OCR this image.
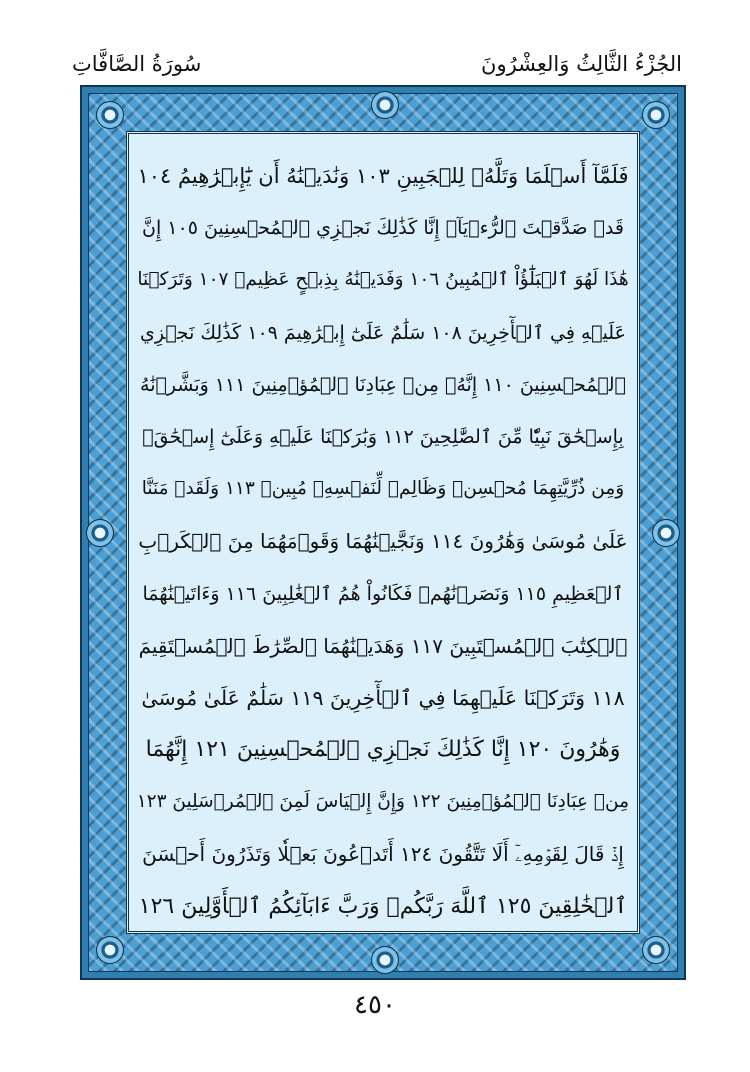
الجُزْءُ الثَّالِثُ وَالعِشْرُونَ
سُورَةُ الصَّافَّاتِ
فَلَمَّآ أَسۡلَمَا وَتَلَّهُۥ لِلۡجَبِينِ ١٠٣ وَنَٰدَيۡنَٰهُ أَن يَٰٓإِبۡرَٰهِيمُ ١٠٤
قَدۡ صَدَّقۡتَ ٱلرُّءۡيَآۚ إِنَّا كَذَٰلِكَ نَجۡزِي ٱلۡمُحۡسِنِينَ ١٠٥ إِنَّ
هَٰذَا لَهُوَ ٱلۡبَلَٰٓؤُاْ ٱلۡمُبِينُ ١٠٦ وَفَدَيۡنَٰهُ بِذِبۡحٍ عَظِيمٖ ١٠٧ وَتَرَكۡنَا
عَلَيۡهِ فِي ٱلۡأٓخِرِينَ ١٠٨ سَلَٰمٌ عَلَىٰٓ إِبۡرَٰهِيمَ ١٠٩ كَذَٰلِكَ نَجۡزِي
ٱلۡمُحۡسِنِينَ ١١٠ إِنَّهُۥ مِنۡ عِبَادِنَا ٱلۡمُؤۡمِنِينَ ١١١ وَبَشَّرۡنَٰهُ
بِإِسۡحَٰقَ نَبِيّٗا مِّنَ ٱلصَّٰلِحِينَ ١١٢ وَبَٰرَكۡنَا عَلَيۡهِ وَعَلَىٰٓ إِسۡحَٰقَۚ
وَمِن ذُرِّيَّتِهِمَا مُحۡسِنٞ وَظَالِمٞ لِّنَفۡسِهِۦ مُبِينٞ ١١٣ وَلَقَدۡ مَنَنَّا
عَلَىٰ مُوسَىٰ وَهَٰرُونَ ١١٤ وَنَجَّيۡنَٰهُمَا وَقَوۡمَهُمَا مِنَ ٱلۡكَرۡبِ
ٱلۡعَظِيمِ ١١٥ وَنَصَرۡنَٰهُمۡ فَكَانُواْ هُمُ ٱلۡغَٰلِبِينَ ١١٦ وَءَاتَيۡنَٰهُمَا
ٱلۡكِتَٰبَ ٱلۡمُسۡتَبِينَ ١١٧ وَهَدَيۡنَٰهُمَا ٱلصِّرَٰطَ ٱلۡمُسۡتَقِيمَ
١١٨ وَتَرَكۡنَا عَلَيۡهِمَا فِي ٱلۡأٓخِرِينَ ١١٩ سَلَٰمٌ عَلَىٰ مُوسَىٰ
وَهَٰرُونَ ١٢٠ إِنَّا كَذَٰلِكَ نَجۡزِي ٱلۡمُحۡسِنِينَ ١٢١ إِنَّهُمَا
مِنۡ عِبَادِنَا ٱلۡمُؤۡمِنِينَ ١٢٢ وَإِنَّ إِلۡيَاسَ لَمِنَ ٱلۡمُرۡسَلِينَ ١٢٣
إِذۡ قَالَ لِقَوۡمِهِۦٓ أَلَا تَتَّقُونَ ١٢٤ أَتَدۡعُونَ بَعۡلٗا وَتَذَرُونَ أَحۡسَنَ
ٱلۡخَٰلِقِينَ ١٢٥ ٱللَّهَ رَبَّكُمۡ وَرَبَّ ءَابَآئِكُمُ ٱلۡأَوَّلِينَ ١٢٦
٤٥٠
